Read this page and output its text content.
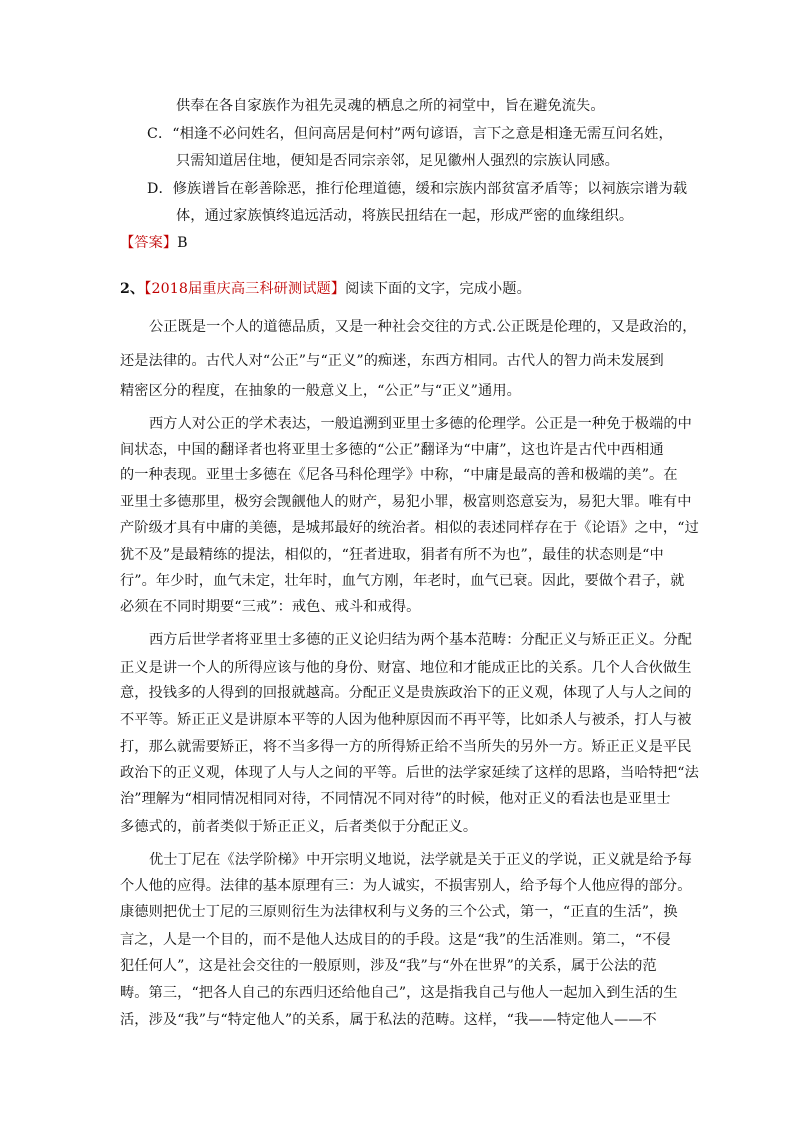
供奉在各自家族作为祖先灵魂的栖息之所的祠堂中，旨在避免流失。
C．“相逢不必问姓名，但问高居是何村”两句谚语，言下之意是相逢无需互问名姓，
只需知道居住地，便知是否同宗亲邻，足见徽州人强烈的宗族认同感。
D．修族谱旨在彰善除恶，推行伦理道德，缓和宗族内部贫富矛盾等；以祠族宗谱为载
体，通过家族慎终追远活动，将族民扭结在一起，形成严密的血缘组织。
【答案】B
2、【2018届重庆高三科研测试题】阅读下面的文字，完成小题。
公正既是一个人的道德品质，又是一种社会交往的方式.公正既是伦理的，又是政治的，
还是法律的。古代人对“公正”与“正义”的痴迷，东西方相同。古代人的智力尚未发展到
精密区分的程度，在抽象的一般意义上，“公正”与“正义”通用。
西方人对公正的学术表达，一般追溯到亚里士多德的伦理学。公正是一种免于极端的中
间状态，中国的翻译者也将亚里士多德的“公正”翻译为“中庸”，这也许是古代中西相通
的一种表现。亚里士多德在《尼各马科伦理学》中称，“中庸是最高的善和极端的美”。在
亚里士多德那里，极穷会觊觎他人的财产，易犯小罪，极富则恣意妄为，易犯大罪。唯有中
产阶级才具有中庸的美德，是城邦最好的统治者。相似的表述同样存在于《论语》之中，“过
犹不及”是最精练的提法，相似的，“狂者进取，狷者有所不为也”，最佳的状态则是“中
行”。年少时，血气未定，壮年时，血气方刚，年老时，血气已衰。因此，要做个君子，就
必须在不同时期要“三戒”：戒色、戒斗和戒得。
西方后世学者将亚里士多德的正义论归结为两个基本范畴：分配正义与矫正正义。分配
正义是讲一个人的所得应该与他的身份、财富、地位和才能成正比的关系。几个人合伙做生
意，投钱多的人得到的回报就越高。分配正义是贵族政治下的正义观，体现了人与人之间的
不平等。矫正正义是讲原本平等的人因为他种原因而不再平等，比如杀人与被杀，打人与被
打，那么就需要矫正，将不当多得一方的所得矫正给不当所失的另外一方。矫正正义是平民
政治下的正义观，体现了人与人之间的平等。后世的法学家延续了这样的思路，当哈特把“法
治”理解为“相同情况相同对待，不同情况不同对待”的时候，他对正义的看法也是亚里士
多德式的，前者类似于矫正正义，后者类似于分配正义。
优士丁尼在《法学阶梯》中开宗明义地说，法学就是关于正义的学说，正义就是给予每
个人他的应得。法律的基本原理有三：为人诚实，不损害别人，给予每个人他应得的部分。
康德则把优士丁尼的三原则衍生为法律权利与义务的三个公式，第一，“正直的生活”，换
言之，人是一个目的，而不是他人达成目的的手段。这是“我”的生活准则。第二，“不侵
犯任何人”，这是社会交往的一般原则，涉及“我”与“外在世界”的关系，属于公法的范
畴。第三，“把各人自己的东西归还给他自己”，这是指我自己与他人一起加入到生活的生
活，涉及“我”与“特定他人”的关系，属于私法的范畴。这样，“我——特定他人——不
